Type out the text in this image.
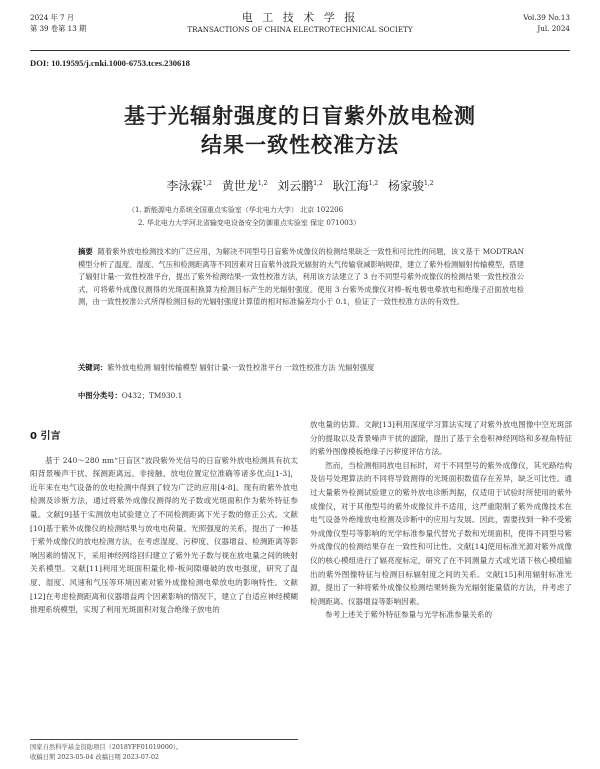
2024 年 7 月
第 39 卷第 13 期
电 工 技 术 学 报
TRANSACTIONS OF CHINA ELECTROTECHNICAL SOCIETY
Vol.39 No.13
Jul. 2024
DOI: 10.19595/j.cnki.1000-6753.tces.230618
基于光辐射强度的日盲紫外放电检测
结果一致性校准方法
李泳霖$^{1,2}$ 黄世龙$^{1,2}$ 刘云鹏$^{1,2}$ 耿江海$^{1,2}$ 杨家骏$^{1,2}$
（1. 新能源电力系统全国重点实验室（华北电力大学） 北京 102206
2. 华北电力大学河北省输变电设备安全防御重点实验室 保定 071003）
摘要 随着紫外放电检测技术的广泛应用，为解决不同型号日盲紫外成像仪的检测结果缺乏一致性和可比性的问题，该文基于 MODTRAN 模型分析了温度、湿度、气压和检测距离等不同因素对日盲紫外波段光辐射的大气传输衰减影响规律，建立了紫外检测辐射传输模型，搭建了辐射计量-一致性校准平台，提出了紫外检测结果-一致性校准方法，利用该方法建立了 3 台不同型号紫外成像仪的检测结果一致性校准公式，可将紫外成像仪测得的光斑面积换算为检测目标产生的光辐射强度。使用 3 台紫外成像仪对棒-板电极电晕放电和绝缘子沿面放电检测，由一致性校准公式所得检测目标的光辐射强度计算值的相对标准偏差均小于 0.1，验证了一致性校准方法的有效性。
关键词：紫外放电检测 辐射传输模型 辐射计量-一致性校准平台 一致性校准方法 光辐射强度
中图分类号：O432；TM930.1
0 引言

基于 240～280 nm“日盲区”波段紫外光信号的日盲紫外放电检测具有抗太阳背景噪声干扰、探测距离远、非接触、放电位置定位准确等诸多优点[1-3]，近年来在电气设备的放电检测中得到了较为广泛的应用[4-8]。现有的紫外放电检测及诊断方法，通过将紫外成像仪测得的光子数或光斑面积作为紫外特征参量。文献[9]基于实测放电试验建立了不同检测距离下光子数的修正公式。文献[10]基于紫外成像仪的检测结果与放电电荷量、光照强度的关系，提出了一种基于紫外成像仪的放电检测方法，在考虑湿度、污秽度、仪器增益、检测距离等影响因素的情况下，采用神经网络回归建立了紫外光子数与视在放电量之间的映射关系模型。文献[11]利用光斑面积量化棒-板间隙爆破的放电强度，研究了温度、湿度、风速和气压等环境因素对紫外成像检测电晕放电的影响特性。文献[12]在考虑检测距离和仪器增益两个因素影响的情况下，建立了自适应神经模糊推理系统模型，实现了利用光斑面积对复合绝缘子放电的

放电量的估算。文献[13]利用深度学习算法实现了对紫外放电图像中空光斑部分的提取以及背景噪声干扰的滤除，提出了基于全卷积神经网络和多视角特征的紫外图像模板绝缘子污秽度评估方法。

然而，当检测相同放电目标时，对于不同型号的紫外成像仪，其光路结构及信号处理算法的不同将导致测得的光斑面积数值存在差异，缺乏可比性。通过大量紫外检测试验建立的紫外放电诊断判据，仅适用于试验时所使用的紫外成像仪，对于其他型号的紫外成像仪并不适用，这严重限制了紫外成像技术在电气设备外绝缘放电检测及诊断中的应用与发展。因此，需要找到一种不受紫外成像仪型号等影响的光学标准参量代替光子数和光斑面积，使得不同型号紫外成像仪的检测结果存在一致性和可比性。文献[14]使用标准光源对紫外成像仪的核心模组进行了辐亮度标定，研究了在不同测量方式或光谱下核心模组输出的紫外图像特征与检测目标辐射度之间的关系。文献[15]利用辐射标准光源，提出了一种将紫外成像仪检测结果转换为光辐射能量值的方法，并考虑了检测距离、仪器增益等影响因素。

参考上述关于紫外特征参量与光学标准参量关系的

国家自然科学基金资助项目（2018YFF01019000）。
收稿日期 2023-05-04 改稿日期 2023-07-02
